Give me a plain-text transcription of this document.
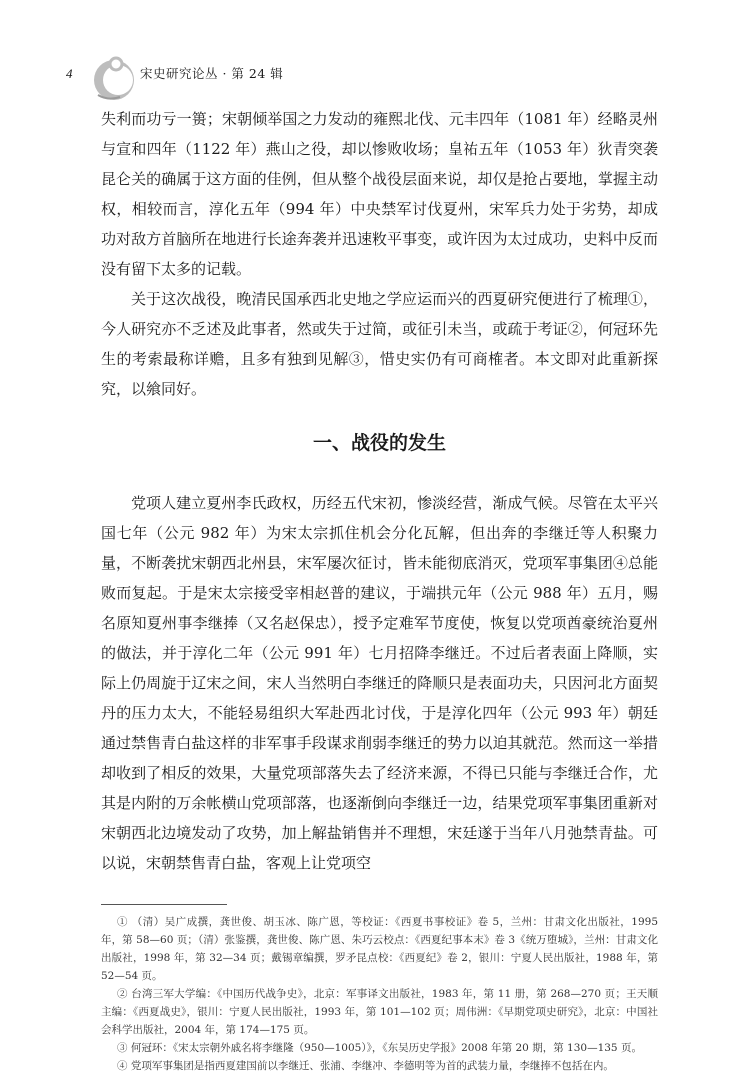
4	宋史研究论丛 · 第 24 辑

失利而功亏一篑；宋朝倾举国之力发动的雍熙北伐、元丰四年（1081 年）经略灵州与宣和四年（1122 年）燕山之役，却以惨败收场；皇祐五年（1053 年）狄青突袭昆仑关的确属于这方面的佳例，但从整个战役层面来说，却仅是抢占要地，掌握主动权，相较而言，淳化五年（994 年）中央禁军讨伐夏州，宋军兵力处于劣势，却成功对敌方首脑所在地进行长途奔袭并迅速敉平事变，或许因为太过成功，史料中反而没有留下太多的记载。

关于这次战役，晚清民国承西北史地之学应运而兴的西夏研究便进行了梳理①，今人研究亦不乏述及此事者，然或失于过简，或征引未当，或疏于考证②，何冠环先生的考索最称详赡，且多有独到见解③，惜史实仍有可商榷者。本文即对此重新探究，以飨同好。

一、战役的发生

党项人建立夏州李氏政权，历经五代宋初，惨淡经营，渐成气候。尽管在太平兴国七年（公元 982 年）为宋太宗抓住机会分化瓦解，但出奔的李继迁等人积聚力量，不断袭扰宋朝西北州县，宋军屡次征讨，皆未能彻底消灭，党项军事集团④总能败而复起。于是宋太宗接受宰相赵普的建议，于端拱元年（公元 988 年）五月，赐名原知夏州事李继捧（又名赵保忠），授予定难军节度使，恢复以党项酋豪统治夏州的做法，并于淳化二年（公元 991 年）七月招降李继迁。不过后者表面上降顺，实际上仍周旋于辽宋之间，宋人当然明白李继迁的降顺只是表面功夫，只因河北方面契丹的压力太大，不能轻易组织大军赴西北讨伐，于是淳化四年（公元 993 年）朝廷通过禁售青白盐这样的非军事手段谋求削弱李继迁的势力以迫其就范。然而这一举措却收到了相反的效果，大量党项部落失去了经济来源，不得已只能与李继迁合作，尤其是内附的万余帐横山党项部落，也逐渐倒向李继迁一边，结果党项军事集团重新对宋朝西北边境发动了攻势，加上解盐销售并不理想，宋廷遂于当年八月弛禁青盐。可以说，宋朝禁售青白盐，客观上让党项空

① （清）吴广成撰，龚世俊、胡玉冰、陈广恩，等校证：《西夏书事校证》卷 5，兰州：甘肃文化出版社，1995 年，第 58—60 页；（清）张鉴撰，龚世俊、陈广恩、朱巧云校点：《西夏纪事本末》卷 3《统万堕城》，兰州：甘肃文化出版社，1998 年，第 32—34 页；戴锡章编撰，罗矛昆点校：《西夏纪》卷 2，银川：宁夏人民出版社，1988 年，第 52—54 页。

② 台湾三军大学编：《中国历代战争史》，北京：军事译文出版社，1983 年，第 11 册，第 268—270 页；王天顺主编：《西夏战史》，银川：宁夏人民出版社，1993 年，第 101—102 页；周伟洲：《早期党项史研究》，北京：中国社会科学出版社，2004 年，第 174—175 页。

③ 何冠环：《宋太宗朝外戚名将李继隆（950—1005）》，《东吴历史学报》2008 年第 20 期，第 130—135 页。

④ 党项军事集团是指西夏建国前以李继迁、张浦、李继冲、李德明等为首的武装力量，李继捧不包括在内。
